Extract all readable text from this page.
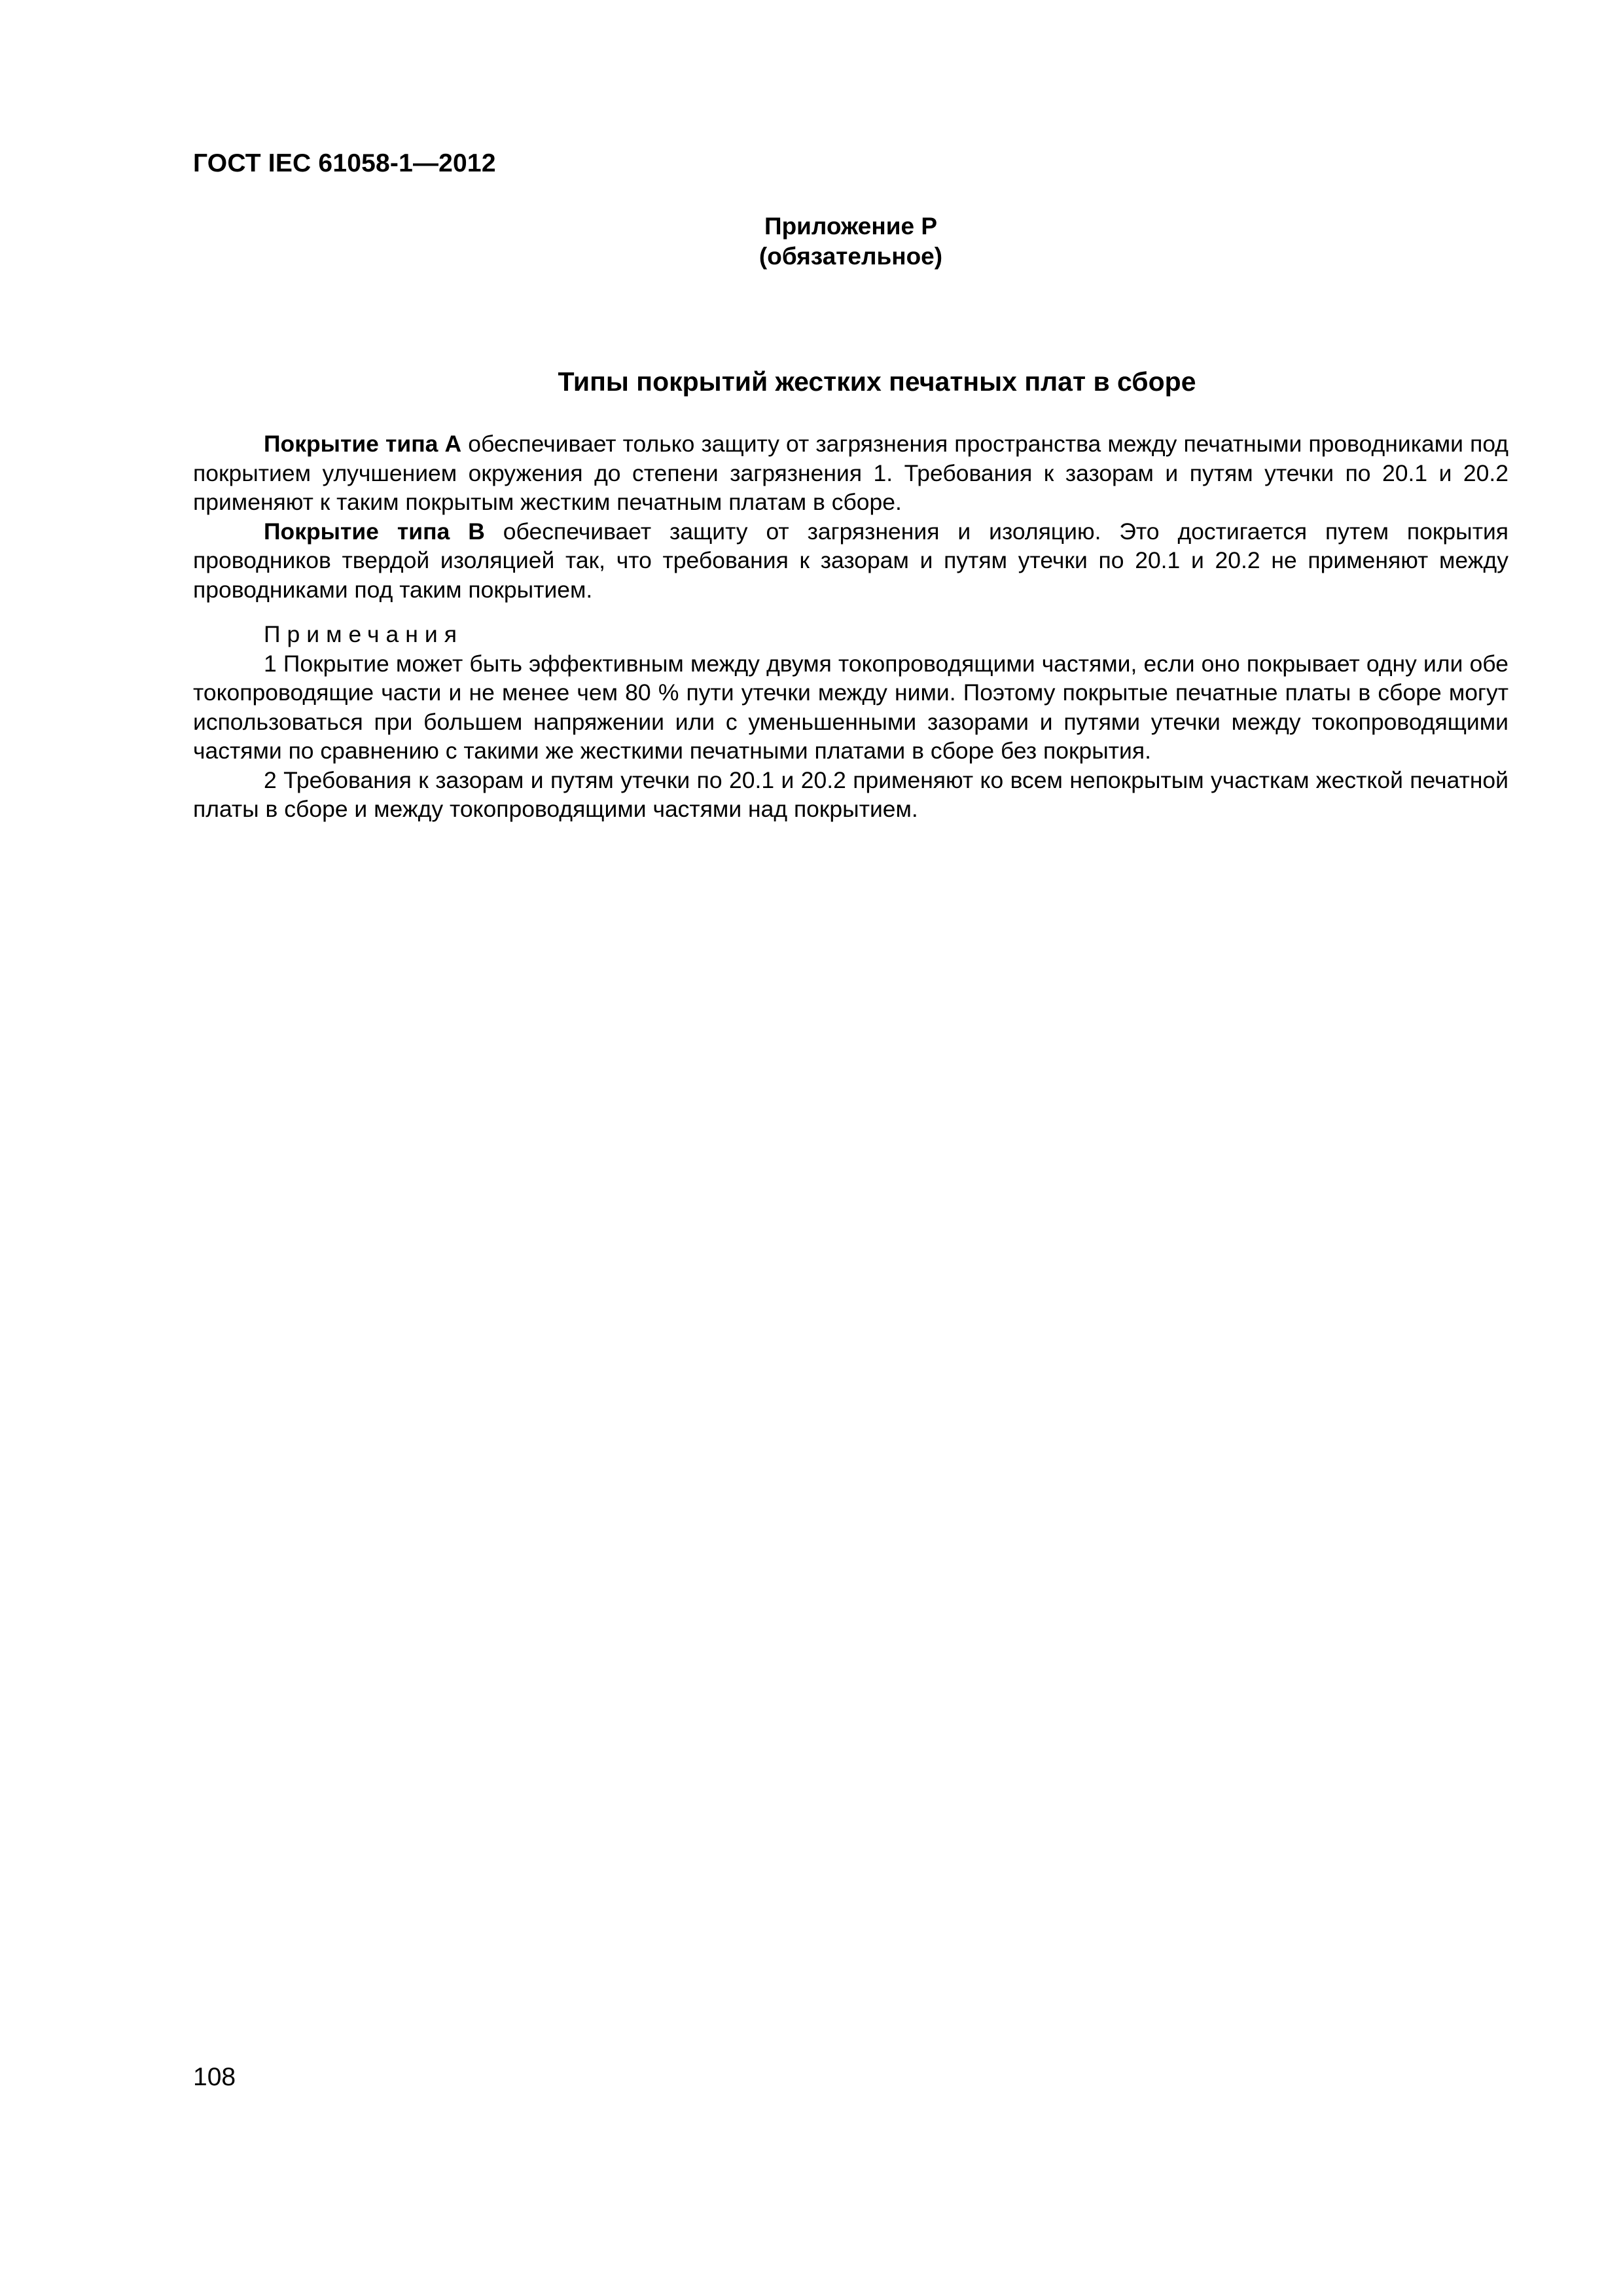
ГОСТ IEC 61058-1—2012
Приложение Р
(обязательное)
Типы покрытий жестких печатных плат в сборе

Покрытие типа А обеспечивает только защиту от загрязнения пространства между печатными проводниками под покрытием улучшением окружения до степени загрязнения 1. Требования к зазорам и путям утечки по 20.1 и 20.2 применяют к таким покрытым жестким печатным платам в сборе.

Покрытие типа В обеспечивает защиту от загрязнения и изоляцию. Это достигается путем покрытия проводников твердой изоляцией так, что требования к зазорам и путям утечки по 20.1 и 20.2 не применяют между проводниками под таким покрытием.

Примечания

1 Покрытие может быть эффективным между двумя токопроводящими частями, если оно покрывает одну или обе токопроводящие части и не менее чем 80 % пути утечки между ними. Поэтому покрытые печатные платы в сборе могут использоваться при большем напряжении или с уменьшенными зазорами и путями утечки между токопроводящими частями по сравнению с такими же жесткими печатными платами в сборе без покрытия.

2 Требования к зазорам и путям утечки по 20.1 и 20.2 применяют ко всем непокрытым участкам жесткой печатной платы в сборе и между токопроводящими частями над покрытием.

108
